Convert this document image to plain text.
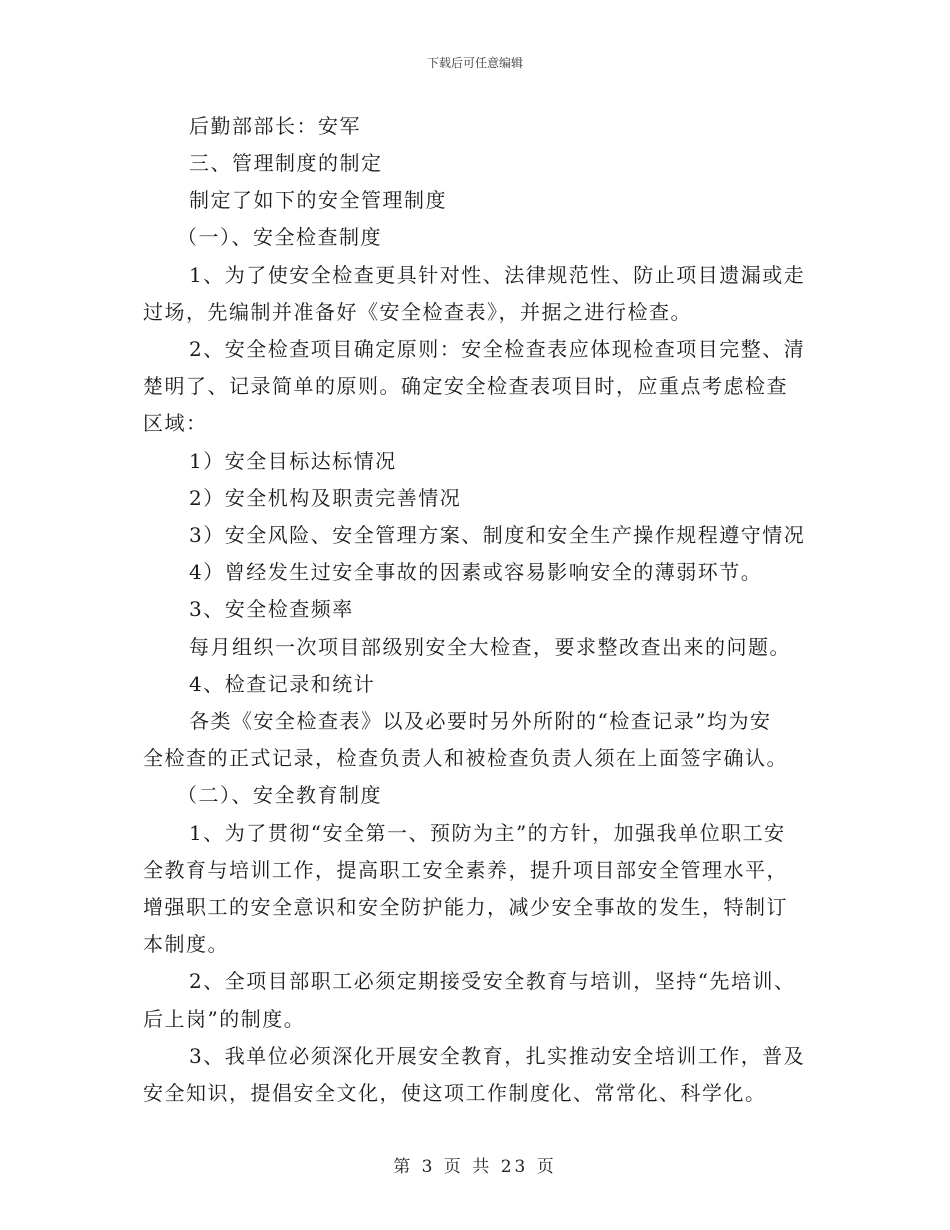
下载后可任意编辑
后勤部部长：安军
三、管理制度的制定
制定了如下的安全管理制度
（一）、安全检查制度
1、为了使安全检查更具针对性、法律规范性、防止项目遗漏或走
过场，先编制并准备好《安全检查表》，并据之进行检查。
2、安全检查项目确定原则：安全检查表应体现检查项目完整、清
楚明了、记录简单的原则。确定安全检查表项目时，应重点考虑检查
区域：
1）安全目标达标情况
2）安全机构及职责完善情况
3）安全风险、安全管理方案、制度和安全生产操作规程遵守情况
4）曾经发生过安全事故的因素或容易影响安全的薄弱环节。
3、安全检查频率
每月组织一次项目部级别安全大检查，要求整改查出来的问题。
4、检查记录和统计
各类《安全检查表》以及必要时另外所附的“检查记录”均为安
全检查的正式记录，检查负责人和被检查负责人须在上面签字确认。
（二）、安全教育制度
1、为了贯彻“安全第一、预防为主”的方针，加强我单位职工安
全教育与培训工作，提高职工安全素养，提升项目部安全管理水平，
增强职工的安全意识和安全防护能力，减少安全事故的发生，特制订
本制度。
2、全项目部职工必须定期接受安全教育与培训，坚持“先培训、
后上岗”的制度。
3、我单位必须深化开展安全教育，扎实推动安全培训工作，普及
安全知识，提倡安全文化，使这项工作制度化、常常化、科学化。
第 3 页 共 23 页
